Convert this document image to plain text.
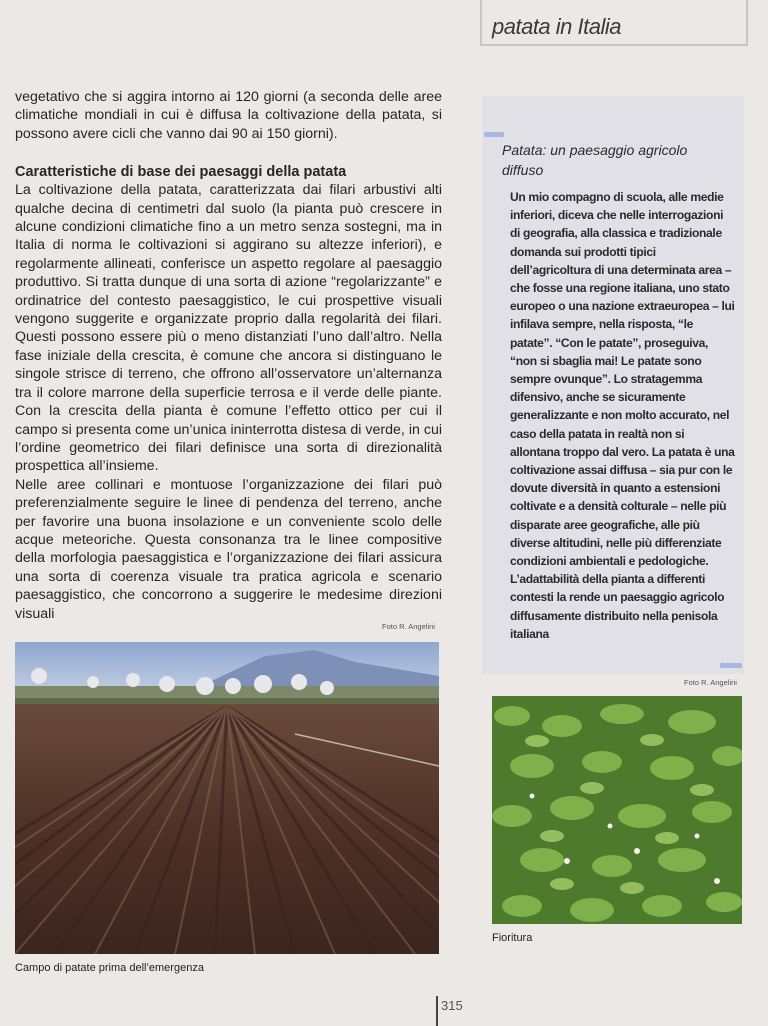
patata in Italia

vegetativo che si aggira intorno ai 120 giorni (a seconda delle aree climatiche mondiali in cui è diffusa la coltivazione della patata, si possono avere cicli che vanno dai 90 ai 150 giorni).

Caratteristiche di base dei paesaggi della patata

La coltivazione della patata, caratterizzata dai filari arbustivi alti qualche decina di centimetri dal suolo (la pianta può crescere in alcune condizioni climatiche fino a un metro senza sostegni, ma in Italia di norma le coltivazioni si aggirano su altezze inferiori), e regolarmente allineati, conferisce un aspetto regolare al paesaggio produttivo. Si tratta dunque di una sorta di azione “regolarizzante” e ordinatrice del contesto paesaggistico, le cui prospettive visuali vengono suggerite e organizzate proprio dalla regolarità dei filari. Questi possono essere più o meno distanziati l’uno dall’altro. Nella fase iniziale della crescita, è comune che ancora si distinguano le singole strisce di terreno, che offrono all’osservatore un’alternanza tra il colore marrone della superficie terrosa e il verde delle piante. Con la crescita della pianta è comune l’effetto ottico per cui il campo si presenta come un’unica ininterrotta distesa di verde, in cui l’ordine geometrico dei filari definisce una sorta di direzionalità prospettica all’insieme.

Nelle aree collinari e montuose l’organizzazione dei filari può preferenzialmente seguire le linee di pendenza del terreno, anche per favorire una buona insolazione e un conveniente scolo delle acque meteoriche. Questa consonanza tra le linee compositive della morfologia paesaggistica e l’organizzazione dei filari assicura una sorta di coerenza visuale tra pratica agricola e scenario paesaggistico, che concorrono a suggerire le medesime direzioni visuali

Patata: un paesaggio agricolo diffuso
Un mio compagno di scuola, alle medie inferiori, diceva che nelle interrogazioni di geografia, alla classica e tradizionale domanda sui prodotti tipici dell’agricoltura di una determinata area – che fosse una regione italiana, uno stato europeo o una nazione extraeuropea – lui infilava sempre, nella risposta, “le patate”. “Con le patate”, proseguiva, “non si sbaglia mai! Le patate sono sempre ovunque”. Lo stratagemma difensivo, anche se sicuramente generalizzante e non molto accurato, nel caso della patata in realtà non si allontana troppo dal vero. La patata è una coltivazione assai diffusa – sia pur con le dovute diversità in quanto a estensioni coltivate e a densità colturale – nelle più disparate aree geografiche, alle più diverse altitudini, nelle più differenziate condizioni ambientali e pedologiche. L’adattabilità della pianta a differenti contesti la rende un paesaggio agricolo diffusamente distribuito nella penisola italiana
Foto R. Angelini
Campo di patate prima dell’emergenza
Foto R. Angelini
Fioritura
315
